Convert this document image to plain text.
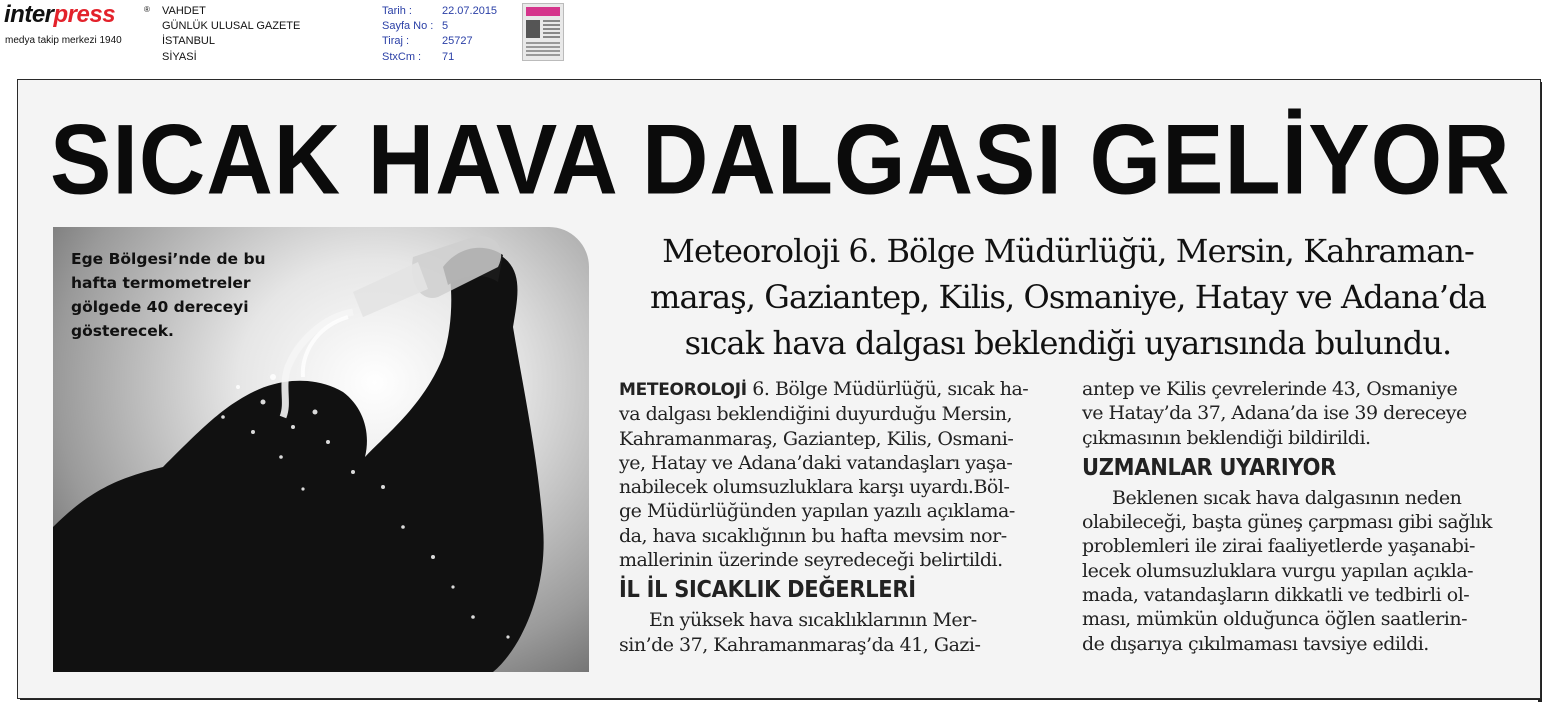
interpress	®
medya takip merkezi 1940
VAHDET
GÜNLÜK ULUSAL GAZETE
İSTANBUL
SİYASİ
Tarih :	22.07.2015
Sayfa No : 5
Tiraj :	25727
StxCm :	71
SICAK HAVA DALGASI GELİYOR
Ege Bölgesi’nde de bu hafta termometreler gölgede 40 dereceyi gösterecek.
Meteoroloji 6. Bölge Müdürlüğü, Mersin, Kahraman-
maraş, Gaziantep, Kilis, Osmaniye, Hatay ve Adana’da
sıcak hava dalgası beklendiği uyarısında bulundu.
METEOROLOJİ 6. Bölge Müdürlüğü, sıcak ha-
va dalgası beklendiğini duyurduğu Mersin,
Kahramanmaraş, Gaziantep, Kilis, Osmani-
ye, Hatay ve Adana’daki vatandaşları yaşa-
nabilecek olumsuzluklara karşı uyardı.Böl-
ge Müdürlüğünden yapılan yazılı açıklama-
da, hava sıcaklığının bu hafta mevsim nor-
mallerinin üzerinde seyredeceği belirtildi.
İL İL SICAKLIK DEĞERLERİ
En yüksek hava sıcaklıklarının Mer-
sin’de 37, Kahramanmaraş’da 41, Gazi-
antep ve Kilis çevrelerinde 43, Osmaniye
ve Hatay’da 37, Adana’da ise 39 dereceye
çıkmasının beklendiği bildirildi.
UZMANLAR UYARIYOR
Beklenen sıcak hava dalgasının neden
olabileceği, başta güneş çarpması gibi sağlık
problemleri ile zirai faaliyetlerde yaşanabi-
lecek olumsuzluklara vurgu yapılan açıkla-
mada, vatandaşların dikkatli ve tedbirli ol-
ması, mümkün olduğunca öğlen saatlerin-
de dışarıya çıkılmaması tavsiye edildi.
